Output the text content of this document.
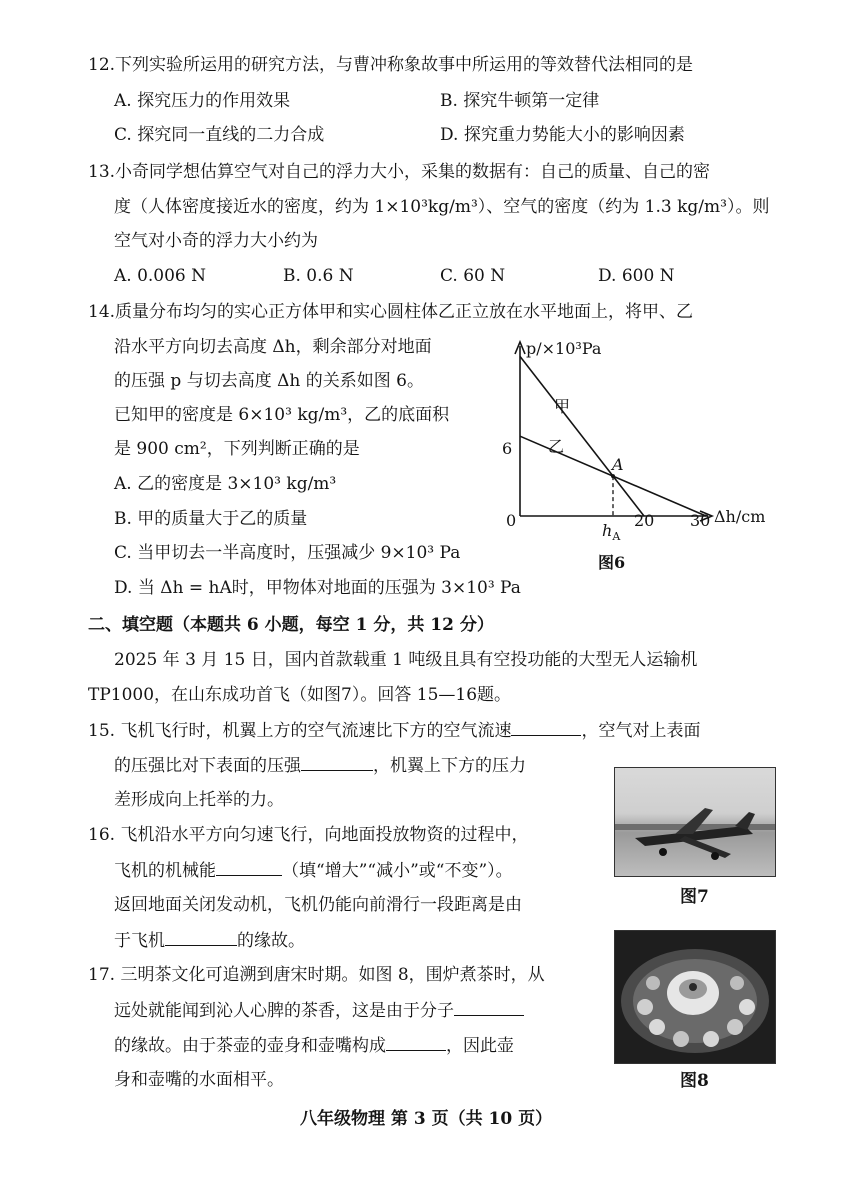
12.下列实验所运用的研究方法，与曹冲称象故事中所运用的等效替代法相同的是
A. 探究压力的作用效果	B. 探究牛顿第一定律
C. 探究同一直线的二力合成	D. 探究重力势能大小的影响因素
13.小奇同学想估算空气对自己的浮力大小，采集的数据有：自己的质量、自己的密
度（人体密度接近水的密度，约为 1×10³kg/m³）、空气的密度（约为 1.3 kg/m³）。则
空气对小奇的浮力大小约为
A. 0.006 N	B. 0.6 N	C. 60 N	D. 600 N
14.质量分布均匀的实心正方体甲和实心圆柱体乙正立放在水平地面上，将甲、乙
沿水平方向切去高度 Δh，剩余部分对地面
的压强 p 与切去高度 Δh 的关系如图 6。
已知甲的密度是 6×10³ kg/m³，乙的底面积
是 900 cm²，下列判断正确的是
A. 乙的密度是 3×10³ kg/m³
B. 甲的质量大于乙的质量
C. 当甲切去一半高度时，压强减少 9×10³ Pa
D. 当 Δh = hA时，甲物体对地面的压强为 3×10³ Pa
p/×10³Pa
Δh/cm
6
0	20 30
$h_A$
甲
乙
A
图6
二、填空题（本题共 6 小题，每空 1 分，共 12 分）
2025 年 3 月 15 日，国内首款载重 1 吨级且具有空投功能的大型无人运输机
TP1000，在山东成功首飞（如图7）。回答 15—16题。
15. 飞机飞行时，机翼上方的空气流速比下方的空气流速	，空气对上表面
的压强比对下表面的压强	，机翼上下方的压力
差形成向上托举的力。
图7
16. 飞机沿水平方向匀速飞行，向地面投放物资的过程中，
飞机的机械能	（填“增大”“减小”或“不变”）。
返回地面关闭发动机，飞机仍能向前滑行一段距离是由
于飞机	的缘故。
图8
17. 三明茶文化可追溯到唐宋时期。如图 8，围炉煮茶时，从
远处就能闻到沁人心脾的茶香，这是由于分子
的缘故。由于茶壶的壶身和壶嘴构成	，因此壶
身和壶嘴的水面相平。
八年级物理 第 3 页（共 10 页）
